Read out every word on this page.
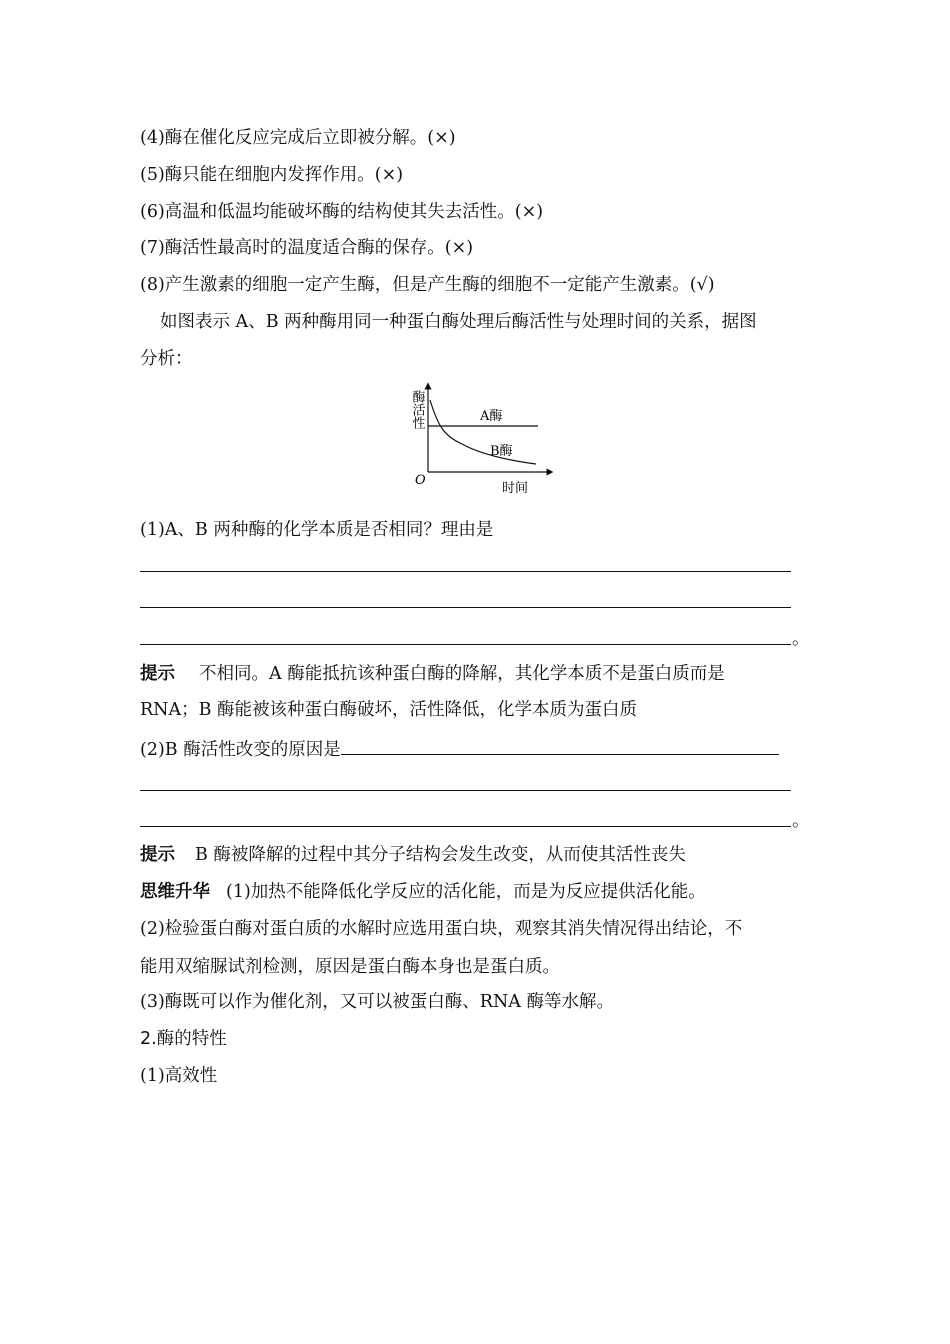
(4)酶在催化反应完成后立即被分解。(×)
(5)酶只能在细胞内发挥作用。(×)
(6)高温和低温均能破坏酶的结构使其失去活性。(×)
(7)酶活性最高时的温度适合酶的保存。(×)
(8)产生激素的细胞一定产生酶，但是产生酶的细胞不一定能产生激素。(√)
如图表示 A、B 两种酶用同一种蛋白酶处理后酶活性与处理时间的关系，据图
分析：
酶活性
时间
O
A酶
B酶
(1)A、B 两种酶的化学本质是否相同？理由是
。
提示 不相同。A 酶能抵抗该种蛋白酶的降解，其化学本质不是蛋白质而是
RNA；B 酶能被该种蛋白酶破坏，活性降低，化学本质为蛋白质
(2)B 酶活性改变的原因是
。
提示 B 酶被降解的过程中其分子结构会发生改变，从而使其活性丧失
思维升华 (1)加热不能降低化学反应的活化能，而是为反应提供活化能。
(2)检验蛋白酶对蛋白质的水解时应选用蛋白块，观察其消失情况得出结论，不
能用双缩脲试剂检测，原因是蛋白酶本身也是蛋白质。
(3)酶既可以作为催化剂，又可以被蛋白酶、RNA 酶等水解。
2.酶的特性
(1)高效性
